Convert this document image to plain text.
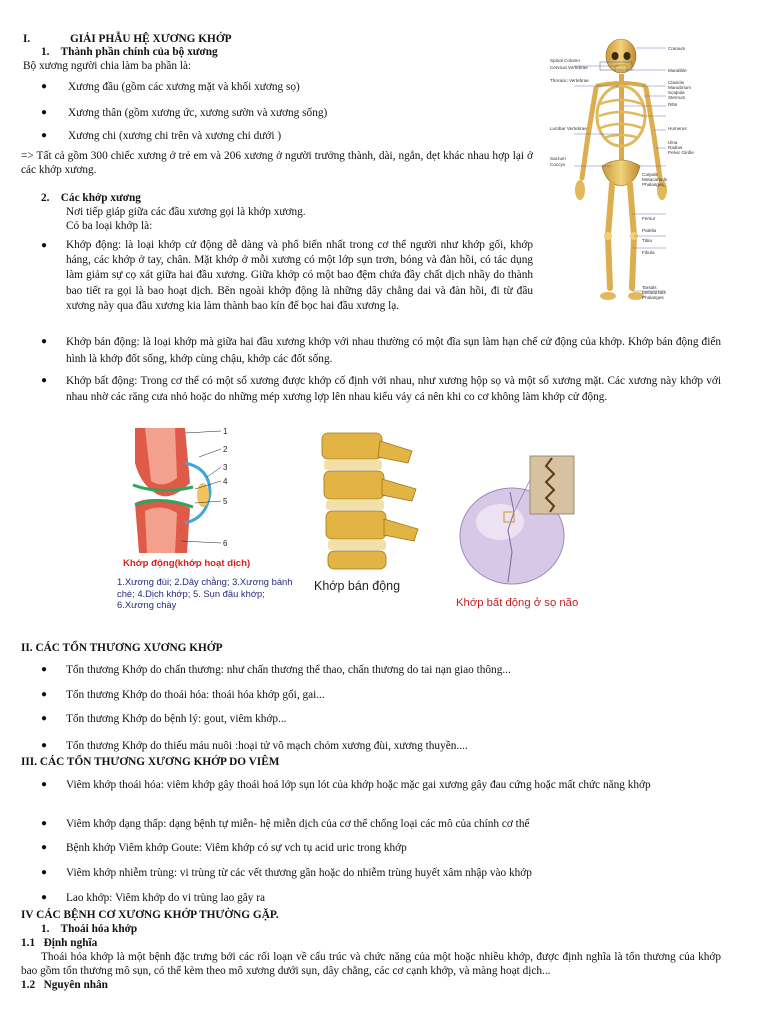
I.	GIẢI PHẪU HỆ XƯƠNG KHỚP
1.    Thành phần chính của bộ xương
Bộ xương người chia làm ba phần là:
● Xương đầu (gồm các xương mặt và khối xương sọ)
● Xương thân (gồm xương ức, xương sườn và xương sống)
● Xương chi (xương chi trên và xương chi dưới )
=> Tất cả gồm 300 chiếc xương ở trẻ em và 206 xương ở người trưởng thành, dài, ngắn, dẹt khác nhau hợp lại ở các khớp xương.
2.    Các khớp xương
Nơi tiếp giáp giữa các đầu xương gọi là khớp xương.
Có ba loại khớp là:
● Khớp động: là loại khớp cử động dễ dàng và phổ biến nhất trong cơ thể người như khớp gối, khớp háng, các khớp ở tay, chân. Mặt khớp ở mỗi xương có một lớp sụn trơn, bóng và đàn hồi, có tác dụng làm giảm sự cọ xát giữa hai đầu xương. Giữa khớp có một bao đệm chứa đầy chất dịch nhầy do thành bao tiết ra gọi là bao hoạt dịch. Bên ngoài khớp động là những dây chằng dai và đàn hồi, đi từ đầu xương này qua đầu xương kia làm thành bao kín để bọc hai đầu xương lạ.
● Khớp bán động: là loại khớp mà giữa hai đầu xương khớp với nhau thường có một đĩa sụn làm hạn chế cử động của khớp. Khớp bán động điển hình là khớp đốt sống, khớp cùng chậu, khớp các đốt sống.
● Khớp bất động: Trong cơ thể có một số xương được khớp cố định với nhau, như xương hộp sọ và một số xương mặt. Các xương này khớp với nhau nhờ các răng cưa nhỏ hoặc do những mép xương lợp lên nhau kiểu vảy cá nên khi co cơ không làm khớp cử động.
Cranium
Mandible
Clavicle
Manubrium
Scapula
Sternum
Ribs
Humerus
Ulna
Radius
Pelvic Girdle
Carpals
Metacarpals
Phalanges
Femur
Patella
Tibia
Fibula
Tarsals
Metatarsals
Phalanges
Spinal Column
Cervical Vertebrae
Thoracic Vertebrae
Lumbar Vertebrae
Sacrum
Coccyx
1
2
3
4
5
6
Khớp động(khớp hoạt dịch)
1.Xương đùi; 2.Dây chằng; 3.Xương bánh chè; 4.Dịch khớp; 5. Sụn đầu khớp; 6.Xương chày
Khớp bán động
Khớp bất động ở sọ não
II. CÁC TỔN THƯƠNG XƯƠNG KHỚP
● Tổn thương Khớp do chấn thương: như chấn thương thể thao, chấn thương do tai nạn giao thông...
● Tổn thương Khớp do thoái hóa: thoái hóa khớp gối, gai...
● Tổn thương Khớp do bệnh lý: gout, viêm khớp...
● Tổn thương Khớp do thiếu máu nuôi :hoại tử vô mạch chỏm xương đùi, xương thuyền....
III. CÁC TỔN THƯƠNG XƯƠNG KHỚP DO VIÊM
● Viêm khớp thoái hóa: viêm khớp gây thoái hoá lớp sụn lót của khớp hoặc mặc gai xương gây đau cứng hoặc mất chức năng khớp
● Viêm khớp dạng thấp: dạng bệnh tự miễn- hệ miễn dịch của cơ thể chống loại các mô của chính cơ thể
● Bệnh khớp Viêm khớp Goute: Viêm khớp có sự vch tụ acid uric trong khớp
● Viêm khớp nhiễm trùng: vi trùng từ các vết thương gần hoặc do nhiễm trùng huyết xâm nhập vào khớp
● Lao khớp: Viêm khớp do vi trùng lao gây ra
IV CÁC BỆNH CƠ XƯƠNG KHỚP THƯỜNG GẶP.
1.    Thoái hóa khớp
1.1   Định nghĩa
Thoái hóa khớp là một bệnh đặc trưng bởi các rối loạn về cấu trúc và chức năng của một hoặc nhiều khớp, được định nghĩa là tổn thương của khớp bao gồm tổn thương mô sụn, có thể kèm theo mô xương dưới sụn, dây chằng, các cơ cạnh khớp, và màng hoạt dịch...
1.2   Nguyên nhân
